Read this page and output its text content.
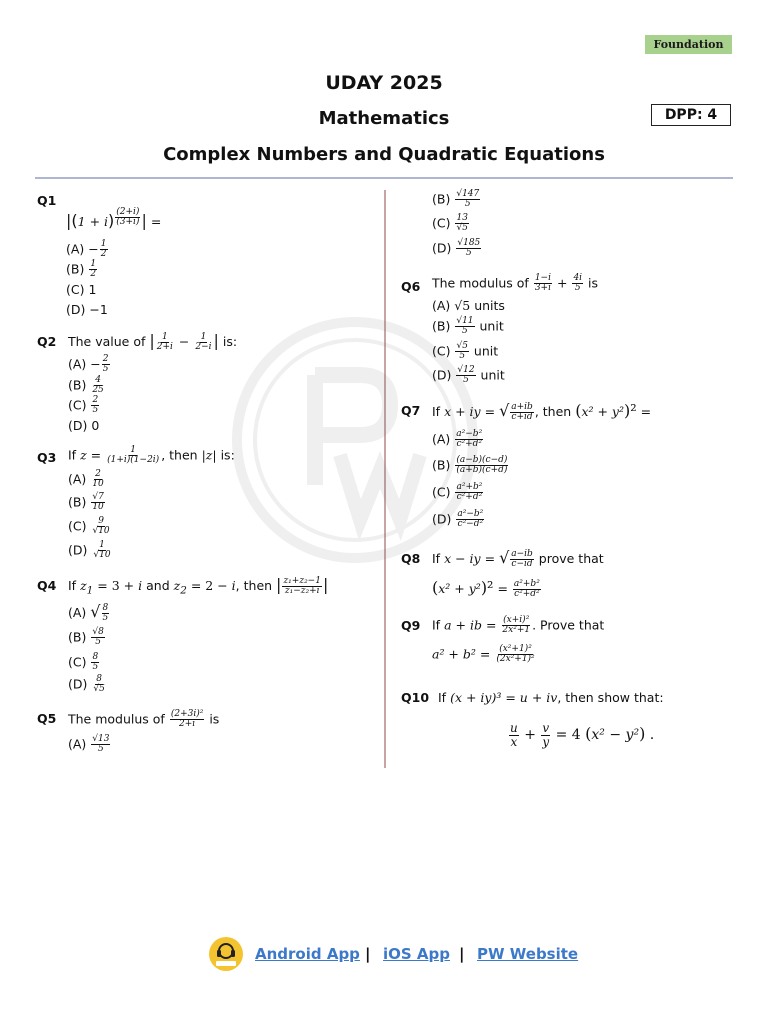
Foundation
UDAY 2025
Mathematics	DPP: 4
Complex Numbers and Quadratic Equations
Q1
|(1 + i) $^{\frac{(2+i)}{(3+i)}}$ | =
$(A) - \frac{1}{2}$
$(B) \frac{1}{2}$
(C) 1
(D) −1
Q2 The value of | $\frac{1}{2+i} - \frac{1}{2-i}$ | is:
$(A) - \frac{2}{5}$
$(B) \frac{4}{25}$
$(C) \frac{2}{5}$
(D) 0
Q3 If $z = \frac{1}{(1+i)(1-2i)}$ , then |z| is:
$(A) \frac{2}{10}$
$(B) \frac{√7}{10}$
$(C) \frac{9}{√10}$
$(D) \frac{1}{√10}$
Q4 If $z_1 = 3 + i$ and $z_2 = 2 - i$, then | $\frac{\text{z₁+z₂−1}}{\text{z₁−z₂+i}}$ |
(A) √ $\frac{8}{5}$
$(B) \frac{√8}{5}$
$(C) \frac{8}{5}$
$(D) \frac{8}{√5}$
Q5 The modulus of $\frac{\text{(2+3i)²}}{2+i}$ is
$(A) \frac{√13}{5}$
$(B) \frac{√147}{5}$
$(C) \frac{13}{√5}$
$(D) \frac{√185}{5}$
Q6 The modulus of $\frac{1-i}{3+i} + \frac{4i}{5}$ is
(A) √5 units
$(B) \frac{√11}{5}$ unit
$(C) \frac{√5}{5}$ unit
$(D) \frac{√12}{5}$ unit
Q7 If x + iy = √ $\frac{a+ib}{c+id}$ , then (x² + y²)² =
$(A) \frac{\text{a²−b²}}{\text{c²+d²}}$
$(B) \frac{(a-b)(c-d)}{(a+b)(c+d)}$
$(C) \frac{\text{a²+b²}}{\text{c²+d²}}$
$(D) \frac{\text{a²−b²}}{\text{c²−d²}}$
Q8 If x − iy = √ $\frac{a-ib}{c-id}$ prove that
$(x^2 + y^2)^2 = \frac{\text{a²+b²}}{\text{c²+d²}}$
Q9 If a + ib = $\frac{\text{(x+i)²}}{\text{2x²+1}}$ . Prove that
$a^2 + b^2 = \frac{\text{(x²+1)²}}{\text{(2x²+1)²}}$
Q10 If (x + iy)³ = u + iv, then show that:
$\frac{u}{x} + \frac{v}{y} = 4$ (x² − y²) .
Android App | iOS App | PW Website
